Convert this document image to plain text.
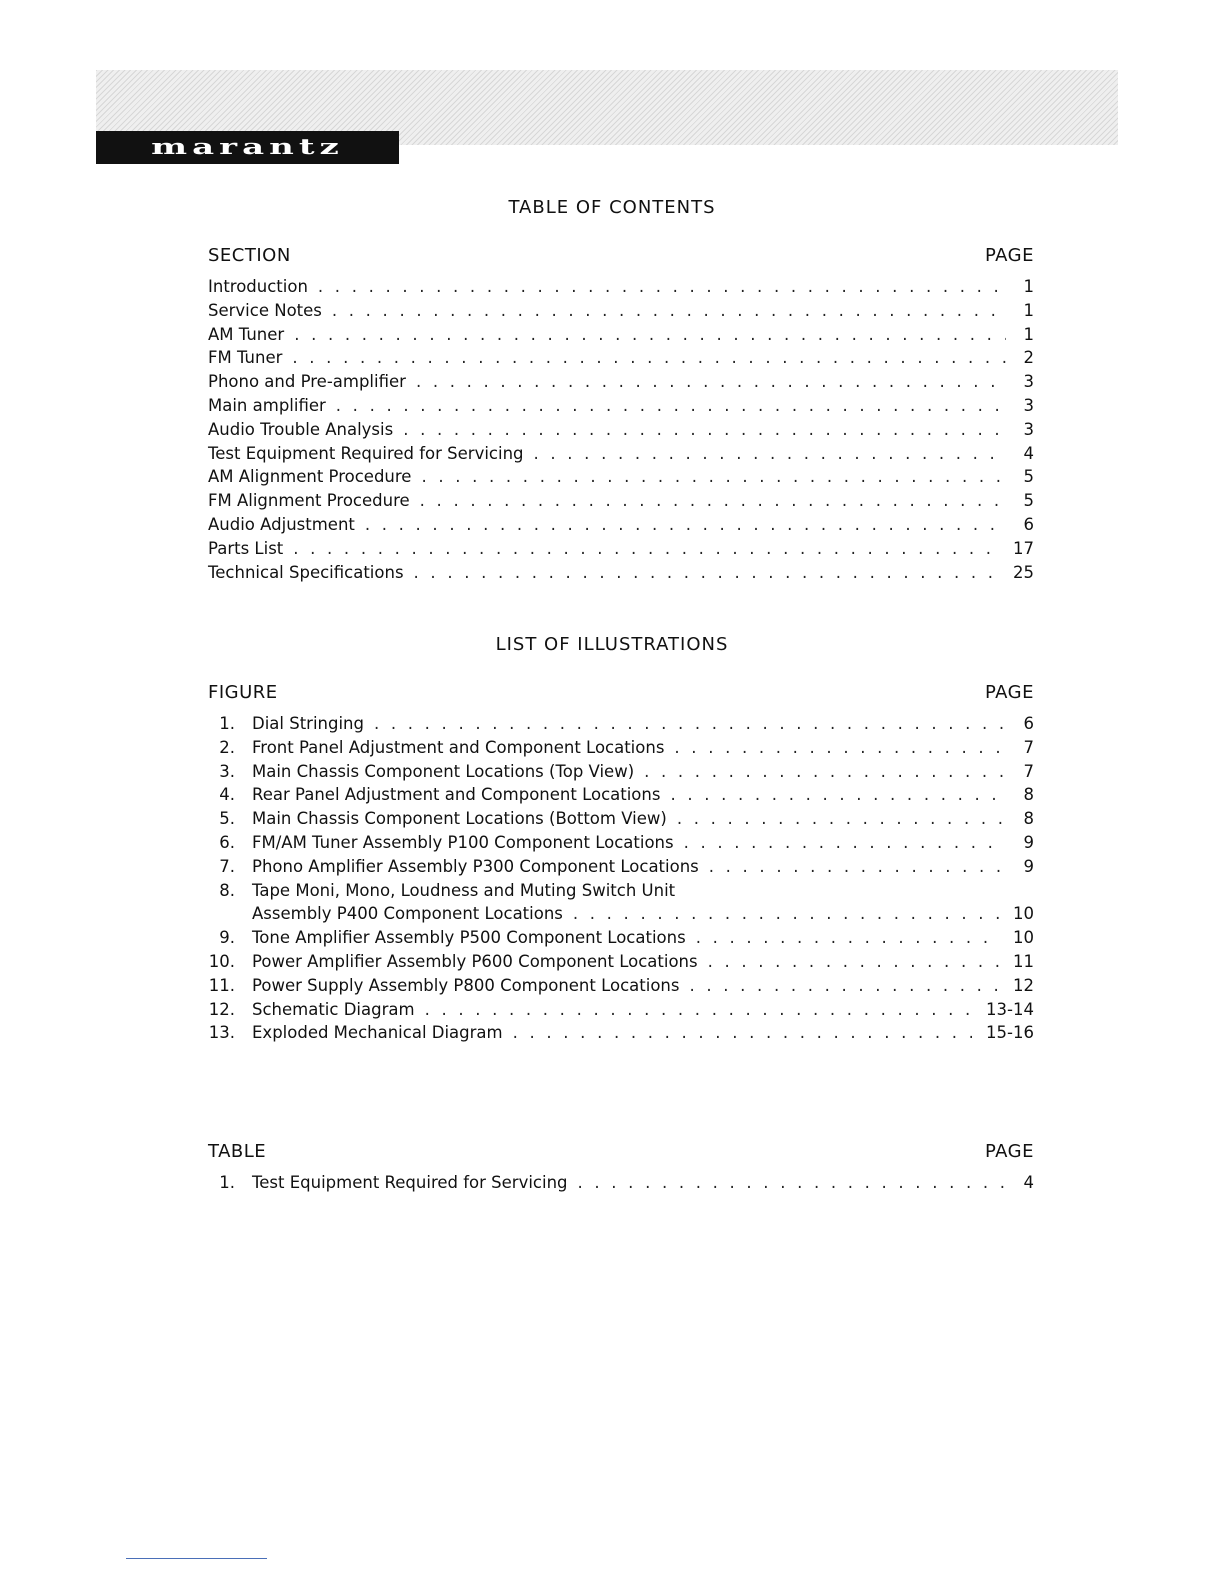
marantz
TABLE OF CONTENTS
SECTION	PAGE
Introduction . . .	1
Service Notes . . .	1
AM Tuner . . .	1
FM Tuner . . .	2
Phono and Pre-amplifier . . .	3
Main amplifier . . .	3
Audio Trouble Analysis . . .	3
Test Equipment Required for Servicing . . .	4
AM Alignment Procedure . . .	5
FM Alignment Procedure . . .	5
Audio Adjustment . . .	6
Parts List . . .	17
Technical Specifications . . .	25
LIST OF ILLUSTRATIONS
FIGURE	PAGE
1. Dial Stringing . . .	6
2. Front Panel Adjustment and Component Locations . . .	7
3. Main Chassis Component Locations (Top View) . . .	7
4. Rear Panel Adjustment and Component Locations . . .	8
5. Main Chassis Component Locations (Bottom View) . . .	8
6. FM/AM Tuner Assembly P100 Component Locations . . .	9
7. Phono Amplifier Assembly P300 Component Locations . . .	9
8. Tape Moni, Mono, Loudness and Muting Switch Unit
Assembly P400 Component Locations . . .	10
9. Tone Amplifier Assembly P500 Component Locations . . .	10
10. Power Amplifier Assembly P600 Component Locations . . .	11
11. Power Supply Assembly P800 Component Locations . . .	12
12. Schematic Diagram . . .	13-14
13. Exploded Mechanical Diagram . . .	15-16
TABLE	PAGE
1. Test Equipment Required for Servicing . . .	4
